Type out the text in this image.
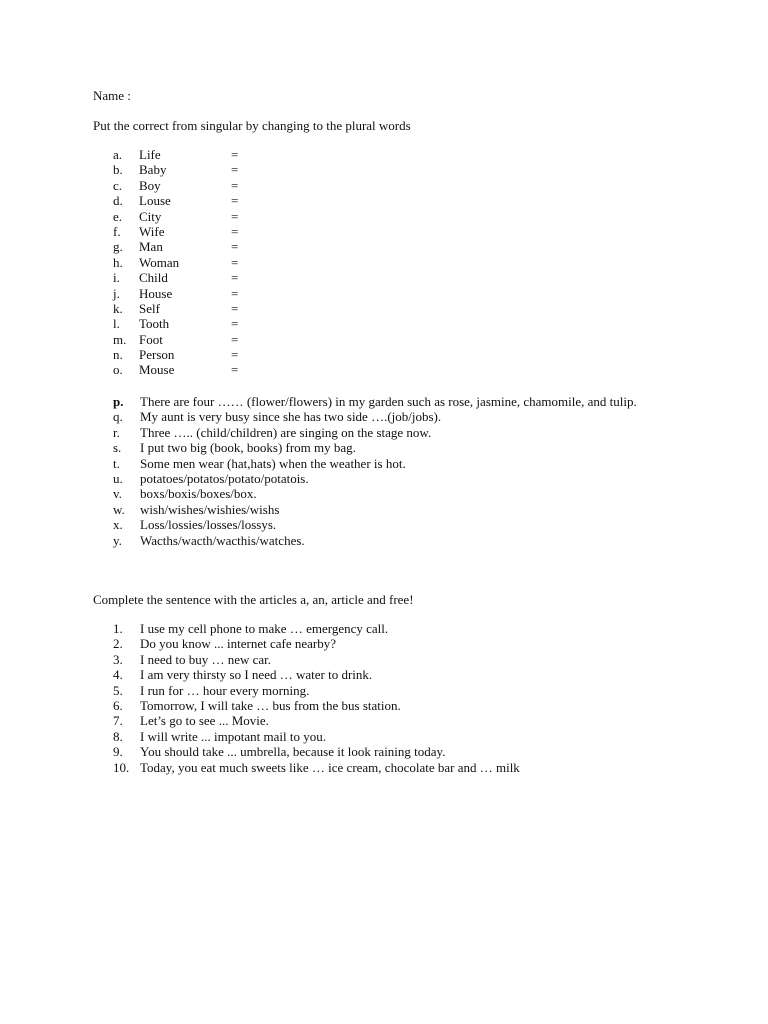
Name :
Put the correct from singular by changing to the plural words
a. Life	=
b. Baby	=
c. Boy	=
d. Louse	=
e. City	=
f. Wife	=
g. Man	=
h. Woman	=
i. Child	=
j. House	=
k. Self	=
l. Tooth	=
m. Foot	=
n. Person	=
o. Mouse	=
p. There are four …… (flower/flowers) in my garden such as rose, jasmine, chamomile, and tulip.
q. My aunt is very busy since she has two side ….(job/jobs).
r. Three ….. (child/children) are singing on the stage now.
s. I put two big (book, books) from my bag.
t. Some men wear (hat,hats) when the weather is hot.
u. potatoes/potatos/potato/potatois.
v. boxs/boxis/boxes/box.
w. wish/wishes/wishies/wishs
x. Loss/lossies/losses/lossys.
y. Wacths/wacth/wacthis/watches.
Complete the sentence with the articles a, an, article and free!
1. I use my cell phone to make … emergency call.
2. Do you know ... internet cafe nearby?
3. I need to buy … new car.
4. I am very thirsty so I need … water to drink.
5. I run for … hour every morning.
6. Tomorrow, I will take … bus from the bus station.
7. Let’s go to see ... Movie.
8. I will write ... impotant mail to you.
9. You should take ... umbrella, because it look raining today.
10. Today, you eat much sweets like … ice cream, chocolate bar and … milk
